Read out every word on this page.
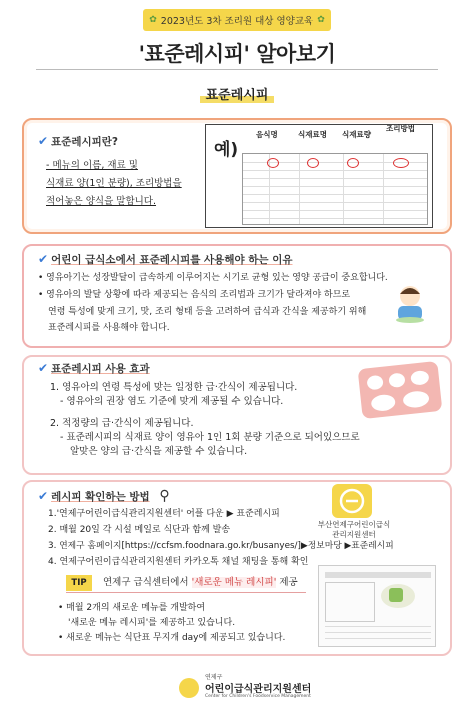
✿ 2023년도 3차 조리원 대상 영양교육 ✿
'표준레시피' 알아보기
표준레시피
✔ 표준레시피란?
- 메뉴의 이름, 재료 및
식재료 양(1인 분량), 조리방법을
적어놓은 양식을 말합니다.
예)
음식명	식재료명 식재료량
조리방법
✔ 어린이 급식소에서 표준레시피를 사용해야 하는 이유
• 영유아기는 성장발달이 급속하게 이루어지는 시기로 균형 있는 영양 공급이 중요합니다.
• 영유아의 발달 상황에 따라 제공되는 음식의 조리법과 크기가 달라져야 하므로
연령 특성에 맞게 크기, 맛, 조리 형태 등을 고려하여 급식과 간식을 제공하기 위해
표준레시피를 사용해야 합니다.
✔ 표준레시피 사용 효과
1. 영유아의 연령 특성에 맞는 일정한 급·간식이 제공됩니다.
- 영유아의 권장 염도 기준에 맞게 제공될 수 있습니다.
2. 적정량의 급·간식이 제공됩니다.
- 표준레시피의 식재료 양이 영유아 1인 1회 분량 기준으로 되어있으므로
알맞은 양의 급·간식을 제공할 수 있습니다.
✔ 레시피 확인하는 방법 ⚲
1.'연제구어린이급식관리지원센터' 어플 다운 ▶ 표준레시피
2. 매월 20일 각 시설 메일로 식단과 함께 발송
3. 연제구 홈페이지[https://ccfsm.foodnara.go.kr/busanyes/]▶정보마당 ▶표준레시피
4. 연제구어린이급식관리지원센터 카카오톡 채널 채팅을 통해 확인
부산연제구어린이급식
관리지원센터
TIP	연제구 급식센터에서 '새로운 메뉴 레시피' 제공
• 매월 2개의 새로운 메뉴를 개발하여
'새로운 메뉴 레시피'를 제공하고 있습니다.
• 새로운 메뉴는 식단표 무지개 day에 제공되고 있습니다.
연제구
어린이급식관리지원센터
Center for Children's Foodservice Management
